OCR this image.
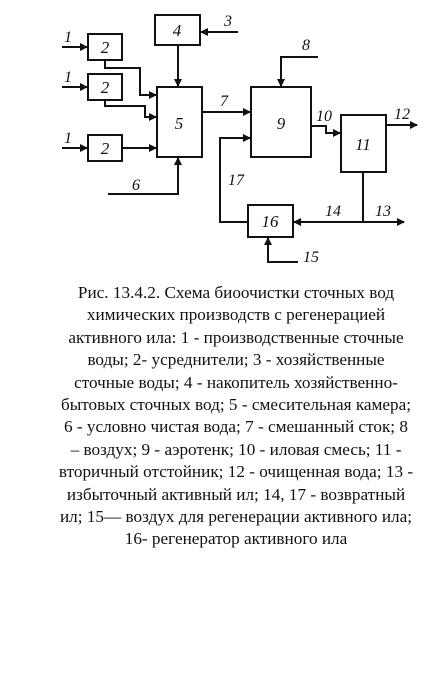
2
2
2
4
5	9
11
16
1
1
1
3
6
7
8
10	12
13
14
15
17

Рис. 13.4.2. Схема биоочистки сточных вод химических производств с регенерацией активного ила: 1 - производственные сточные воды; 2- усреднители; 3 - хозяйственные сточные воды; 4 - накопитель хозяйственно-бытовых сточных вод; 5 - смесительная камера; 6 - условно чистая вода; 7 - смешанный сток; 8 – воздух; 9 - аэротенк; 10 - иловая смесь; 11 - вторичный отстойник; 12 - очищенная вода; 13 - избыточный активный ил; 14, 17 - возвратный ил; 15— воздух для регенерации активного ила; 16- регенератор активного ила
